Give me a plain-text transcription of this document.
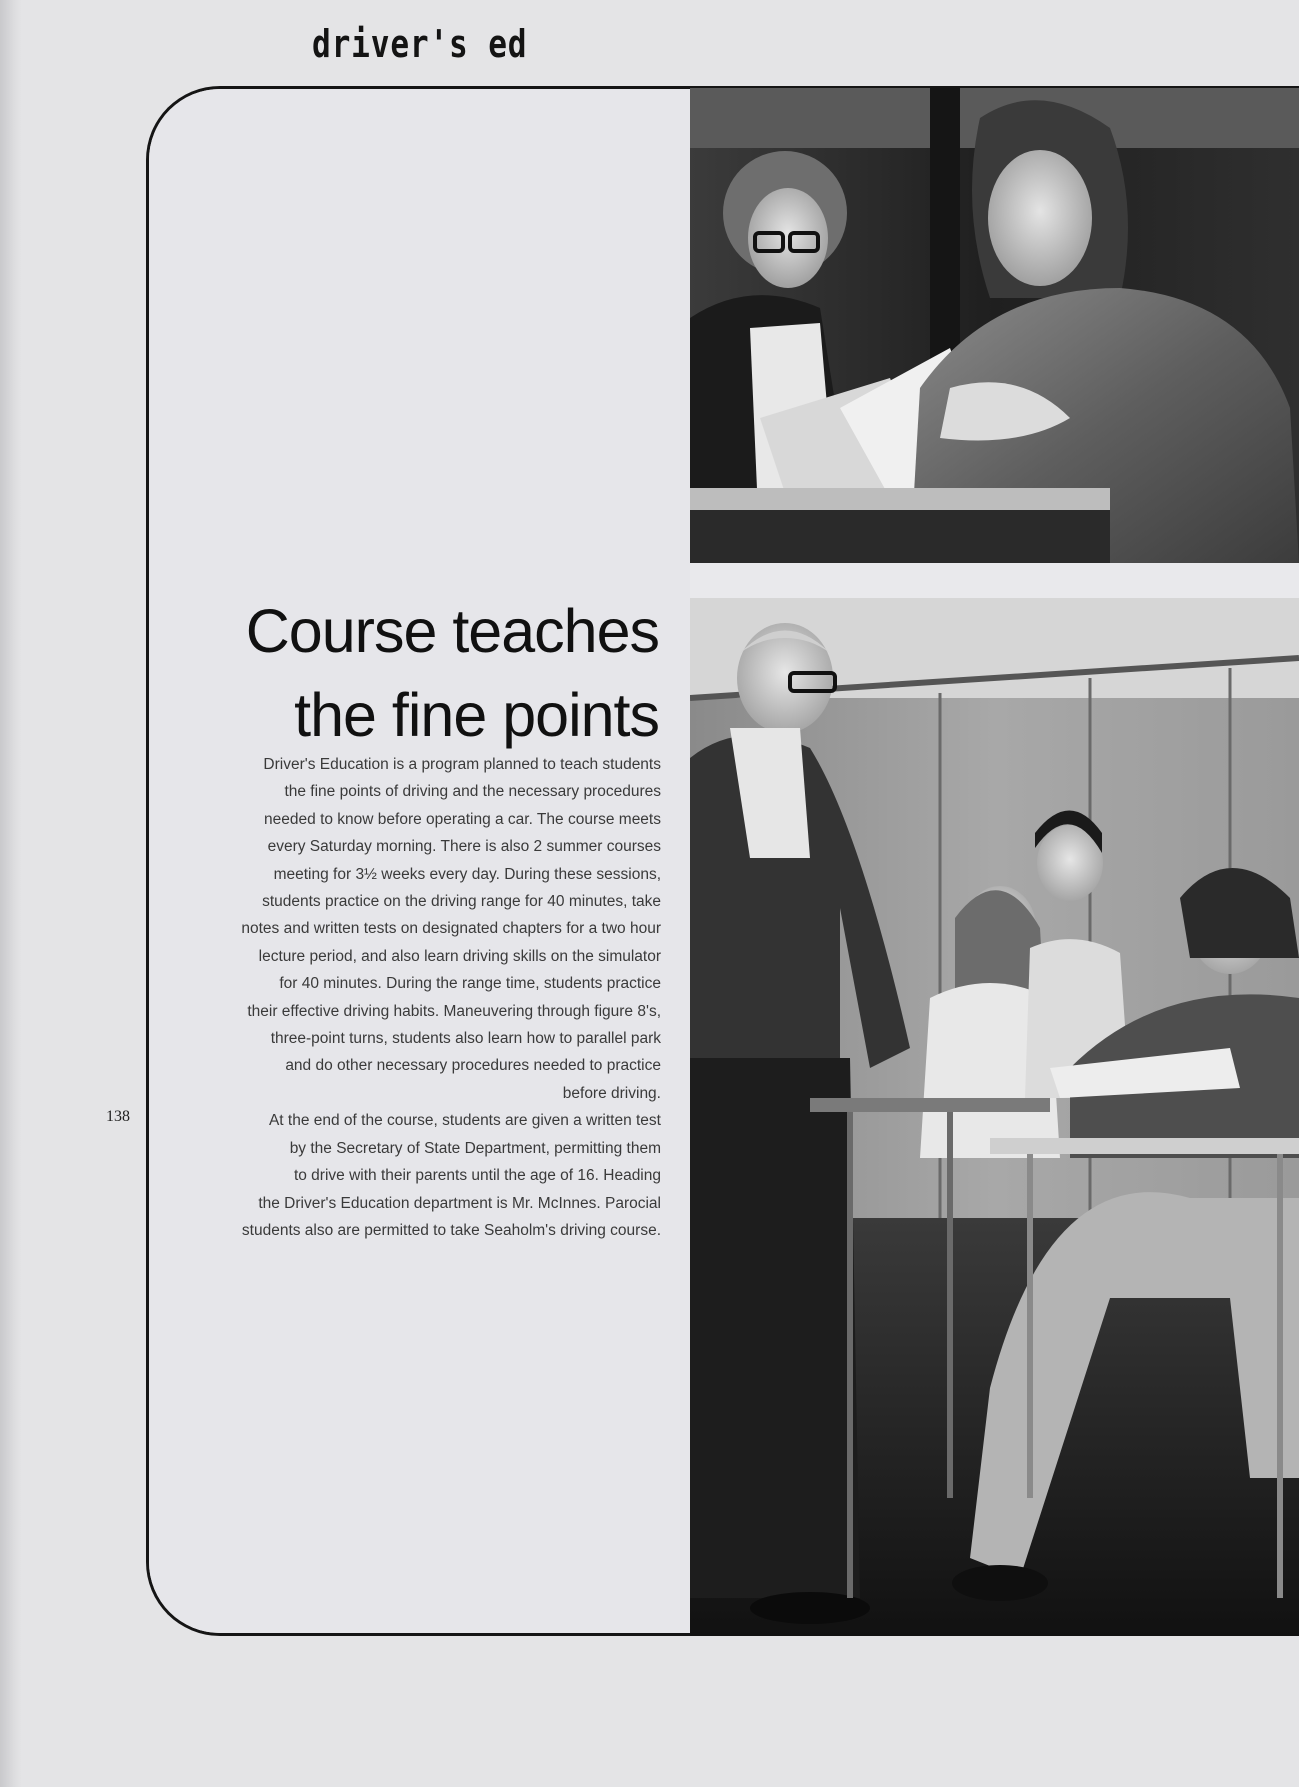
driver's ed
Course teaches
the fine points
Driver's Education is a program planned to teach students
the fine points of driving and the necessary procedures
needed to know before operating a car. The course meets
every Saturday morning. There is also 2 summer courses
meeting for 3½ weeks every day. During these sessions,
students practice on the driving range for 40 minutes, take
notes and written tests on designated chapters for a two hour
lecture period, and also learn driving skills on the simulator
for 40 minutes. During the range time, students practice
their effective driving habits. Maneuvering through figure 8's,
three-point turns, students also learn how to parallel park
and do other necessary procedures needed to practice
before driving.
At the end of the course, students are given a written test
by the Secretary of State Department, permitting them
to drive with their parents until the age of 16. Heading
the Driver's Education department is Mr. McInnes. Parocial
students also are permitted to take Seaholm's driving course.
138
